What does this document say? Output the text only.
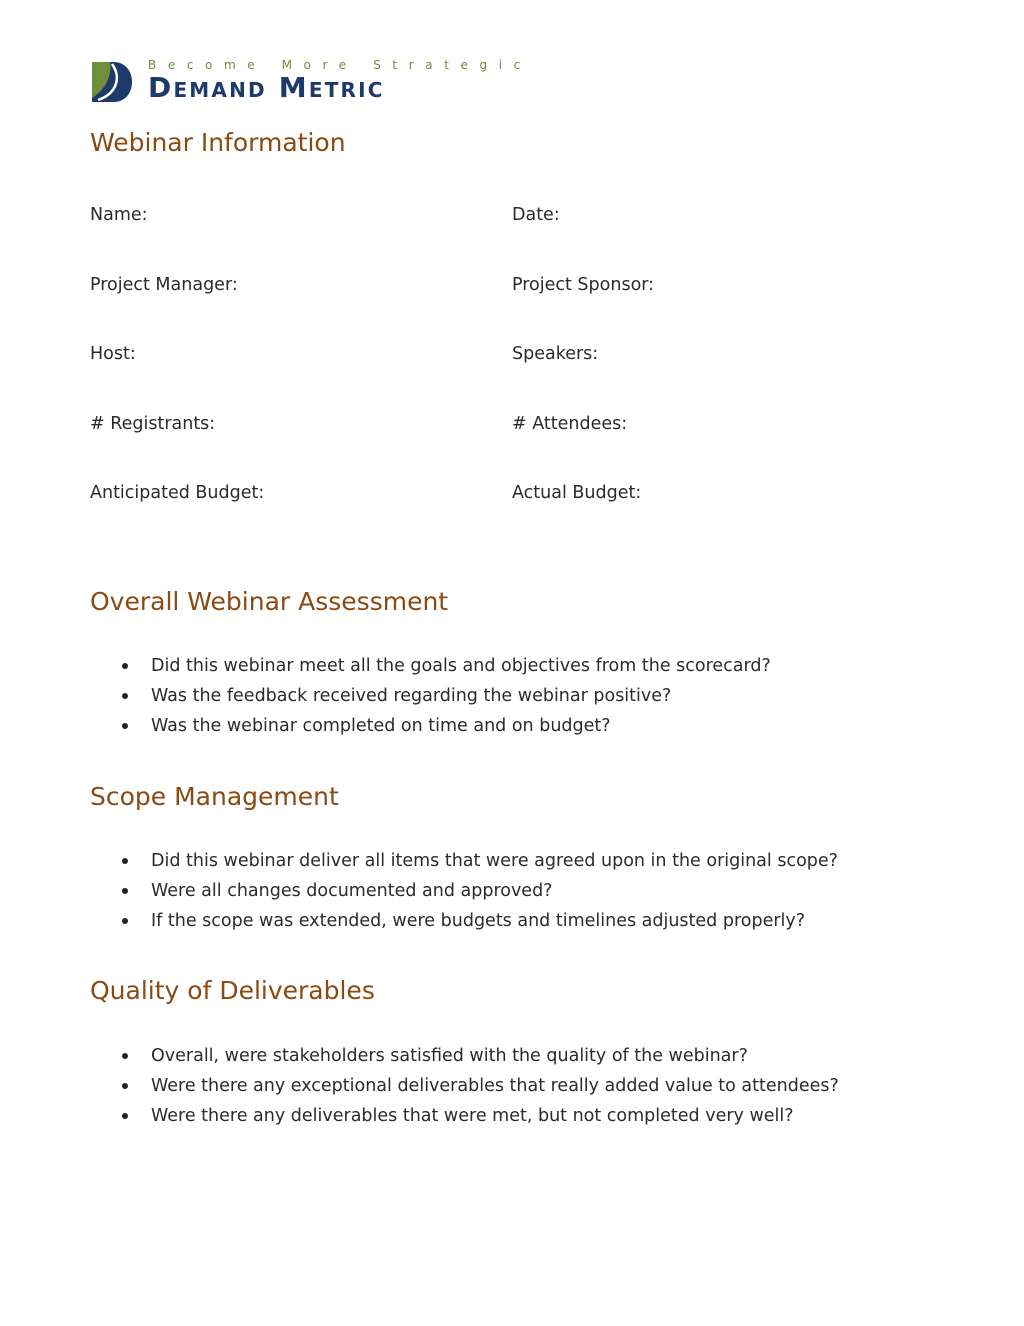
Become More Strategic
Demand Metric
Webinar Information
Name:	Date:
Project Manager:	Project Sponsor:
Host:	Speakers:
# Registrants:	# Attendees:
Anticipated Budget:	Actual Budget:
Overall Webinar Assessment
Did this webinar meet all the goals and objectives from the scorecard?
Was the feedback received regarding the webinar positive?
Was the webinar completed on time and on budget?
Scope Management
Did this webinar deliver all items that were agreed upon in the original scope?
Were all changes documented and approved?
If the scope was extended, were budgets and timelines adjusted properly?
Quality of Deliverables
Overall, were stakeholders satisfied with the quality of the webinar?
Were there any exceptional deliverables that really added value to attendees?
Were there any deliverables that were met, but not completed very well?
